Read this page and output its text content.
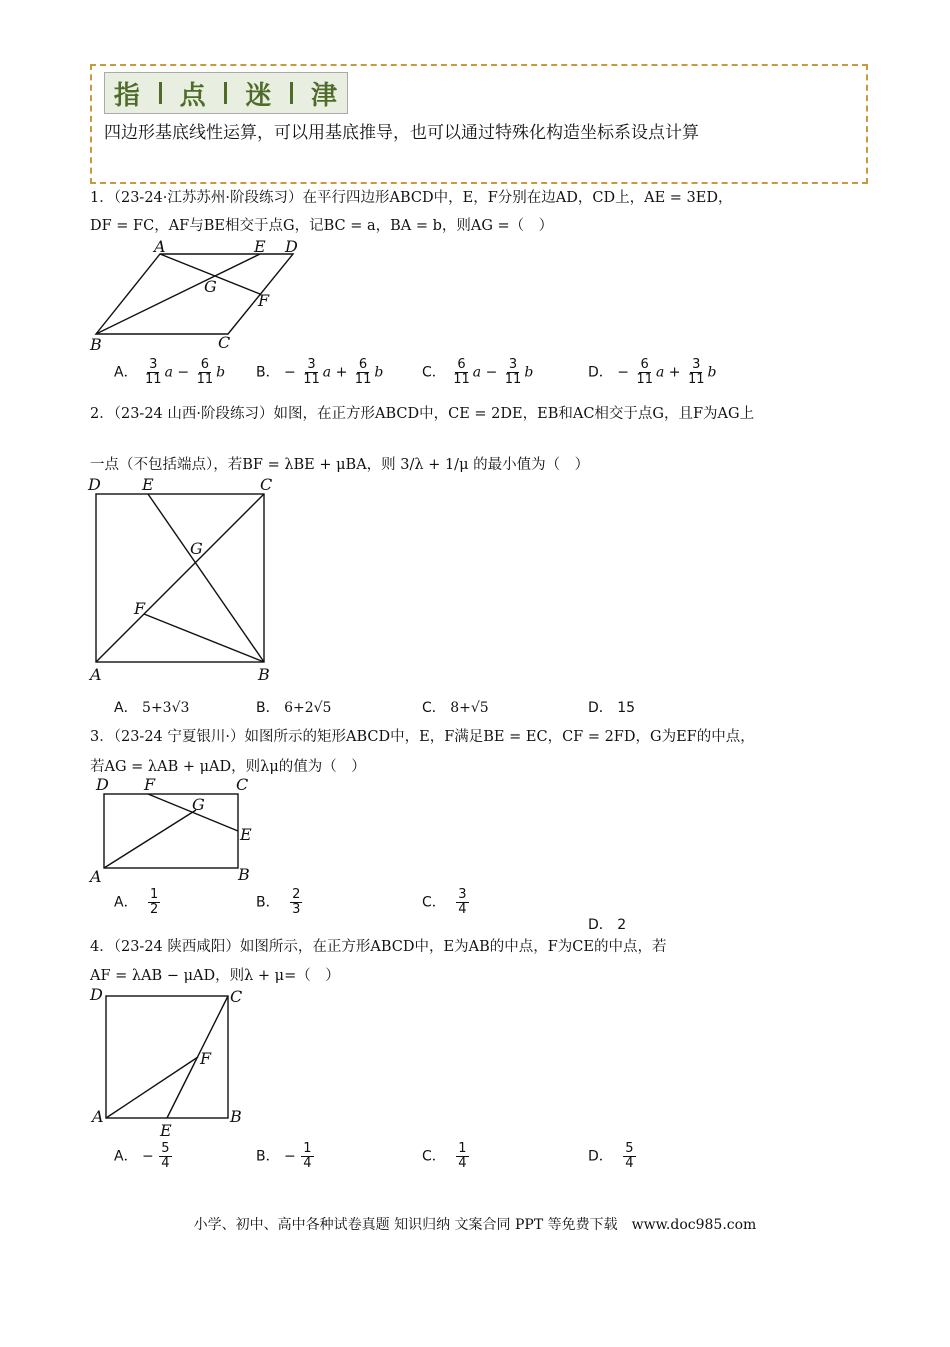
指 点 迷 津
四边形基底线性运算，可以用基底推导，也可以通过特殊化构造坐标系设点计算
1．（23-24·江苏苏州·阶段练习）在平行四边形ABCD中，E，F分别在边AD，CD上，AE = 3ED，
DF = FC，AF与BE相交于点G，记BC = a，BA = b，则AG =（　）
A	E D
G
F
B	C
A． $\frac{3}{11}$ $a - \frac{6}{11}$ b B． − $\frac{3}{11}$ $a + \frac{6}{11}$ b	C． $\frac{6}{11}$ $a - \frac{3}{11}$ b	D． − $\frac{6}{11}$ $a + \frac{3}{11}$ b
2．（23-24 山西·阶段练习）如图，在正方形ABCD中，CE = 2DE，EB和AC相交于点G，且F为AG上
一点（不包括端点），若BF = λBE + μBA，则 3/λ + 1/μ 的最小值为（　）
D	E	C
G
F
A	B
A． 5+3√3	B． 6+2√5	C． 8+√5	D． 15
3．（23-24 宁夏银川·）如图所示的矩形ABCD中，E，F满足BE = EC，CF = 2FD，G为EF的中点，
若AG = λAB + μAD，则λμ的值为（　）
D F	C
G
E
A	B
A． $\frac{1}{2}$	B． $\frac{2}{3}$	C． $\frac{3}{4}$
D． 2
4．（23-24 陕西咸阳）如图所示，在正方形ABCD中，E为AB的中点，F为CE的中点，若
AF = λAB − μAD，则λ + μ=（　）
D	C
F
A
E
B
A． − $\frac{5}{4}$	B． − $\frac{1}{4}$	C． $\frac{1}{4}$	D． $\frac{5}{4}$
小学、初中、高中各种试卷真题 知识归纳 文案合同 PPT 等免费下载　www.doc985.com
